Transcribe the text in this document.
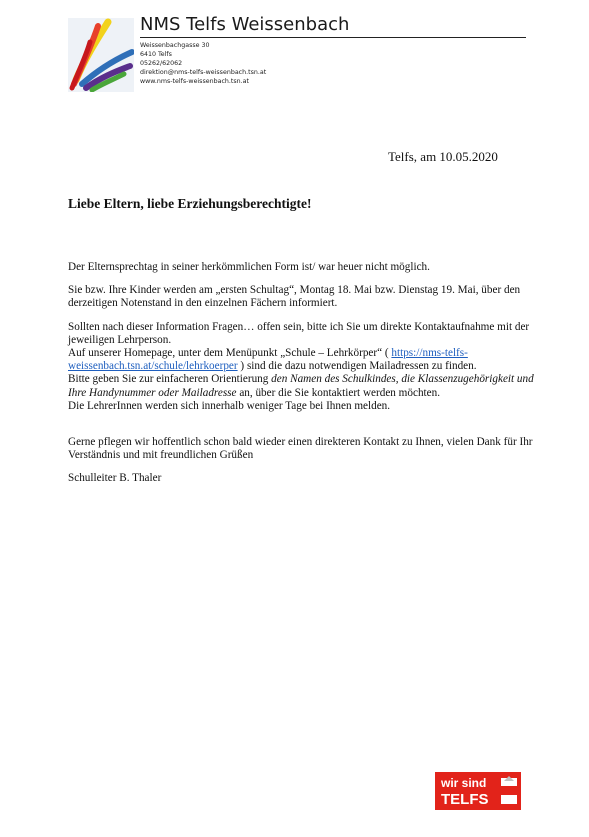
NMS Telfs Weissenbach
Weissenbachgasse 30
6410 Telfs
05262/62062
direktion@nms-telfs-weissenbach.tsn.at
www.nms-telfs-weissenbach.tsn.at
Telfs, am 10.05.2020
Liebe Eltern, liebe Erziehungsberechtigte!

Der Elternsprechtag in seiner herkömmlichen Form ist/ war heuer nicht möglich.

Sie bzw. Ihre Kinder werden am „ersten Schultag“, Montag 18. Mai bzw. Dienstag 19. Mai, über den derzeitigen Notenstand in den einzelnen Fächern informiert.

Sollten nach dieser Information Fragen… offen sein, bitte ich Sie um direkte Kontaktaufnahme mit der jeweiligen Lehrperson.

Auf unserer Homepage, unter dem Menüpunkt „Schule – Lehrkörper“ ( https://nms-telfs-weissenbach.tsn.at/schule/lehrkoerper ) sind die dazu notwendigen Mailadressen zu finden.

Bitte geben Sie zur einfacheren Orientierung den Namen des Schulkindes, die Klassenzugehörigkeit und Ihre Handynummer oder Mailadresse an, über die Sie kontaktiert werden möchten.

Die LehrerInnen werden sich innerhalb weniger Tage bei Ihnen melden.

Gerne pflegen wir hoffentlich schon bald wieder einen direkteren Kontakt zu Ihnen, vielen Dank für Ihr Verständnis und mit freundlichen Grüßen

Schulleiter B. Thaler

wir sind
TELFS
